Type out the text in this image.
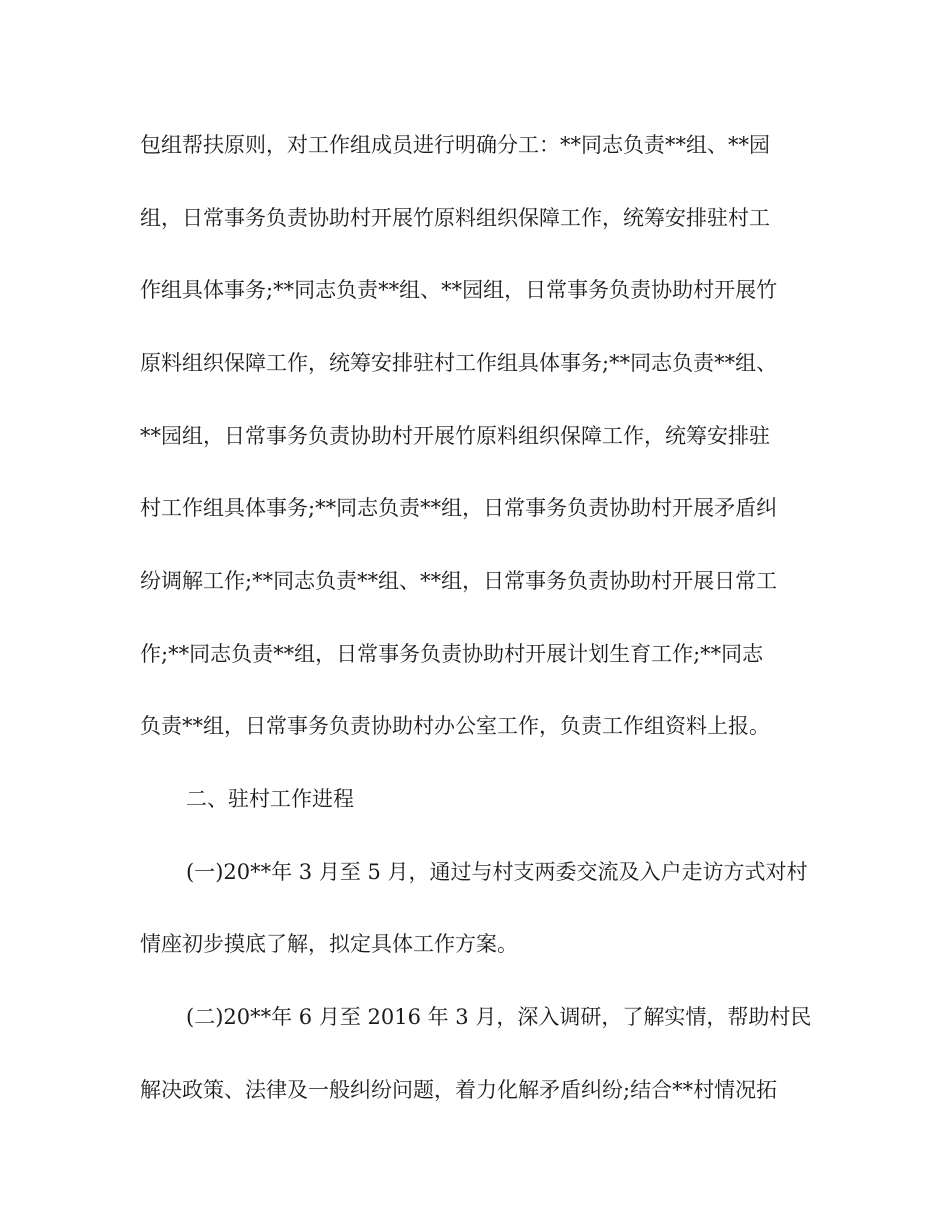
包组帮扶原则，对工作组成员进行明确分工：**同志负责**组、**园
组，日常事务负责协助村开展竹原料组织保障工作，统筹安排驻村工
作组具体事务;**同志负责**组、**园组，日常事务负责协助村开展竹
原料组织保障工作，统筹安排驻村工作组具体事务;**同志负责**组、
**园组，日常事务负责协助村开展竹原料组织保障工作，统筹安排驻
村工作组具体事务;**同志负责**组，日常事务负责协助村开展矛盾纠
纷调解工作;**同志负责**组、**组，日常事务负责协助村开展日常工
作;**同志负责**组，日常事务负责协助村开展计划生育工作;**同志
负责**组，日常事务负责协助村办公室工作，负责工作组资料上报。
二、驻村工作进程
(一)20**年 3 月至 5 月，通过与村支两委交流及入户走访方式对村
情座初步摸底了解，拟定具体工作方案。
(二)20**年 6 月至 2016 年 3 月，深入调研，了解实情，帮助村民
解决政策、法律及一般纠纷问题，着力化解矛盾纠纷;结合**村情况拓
